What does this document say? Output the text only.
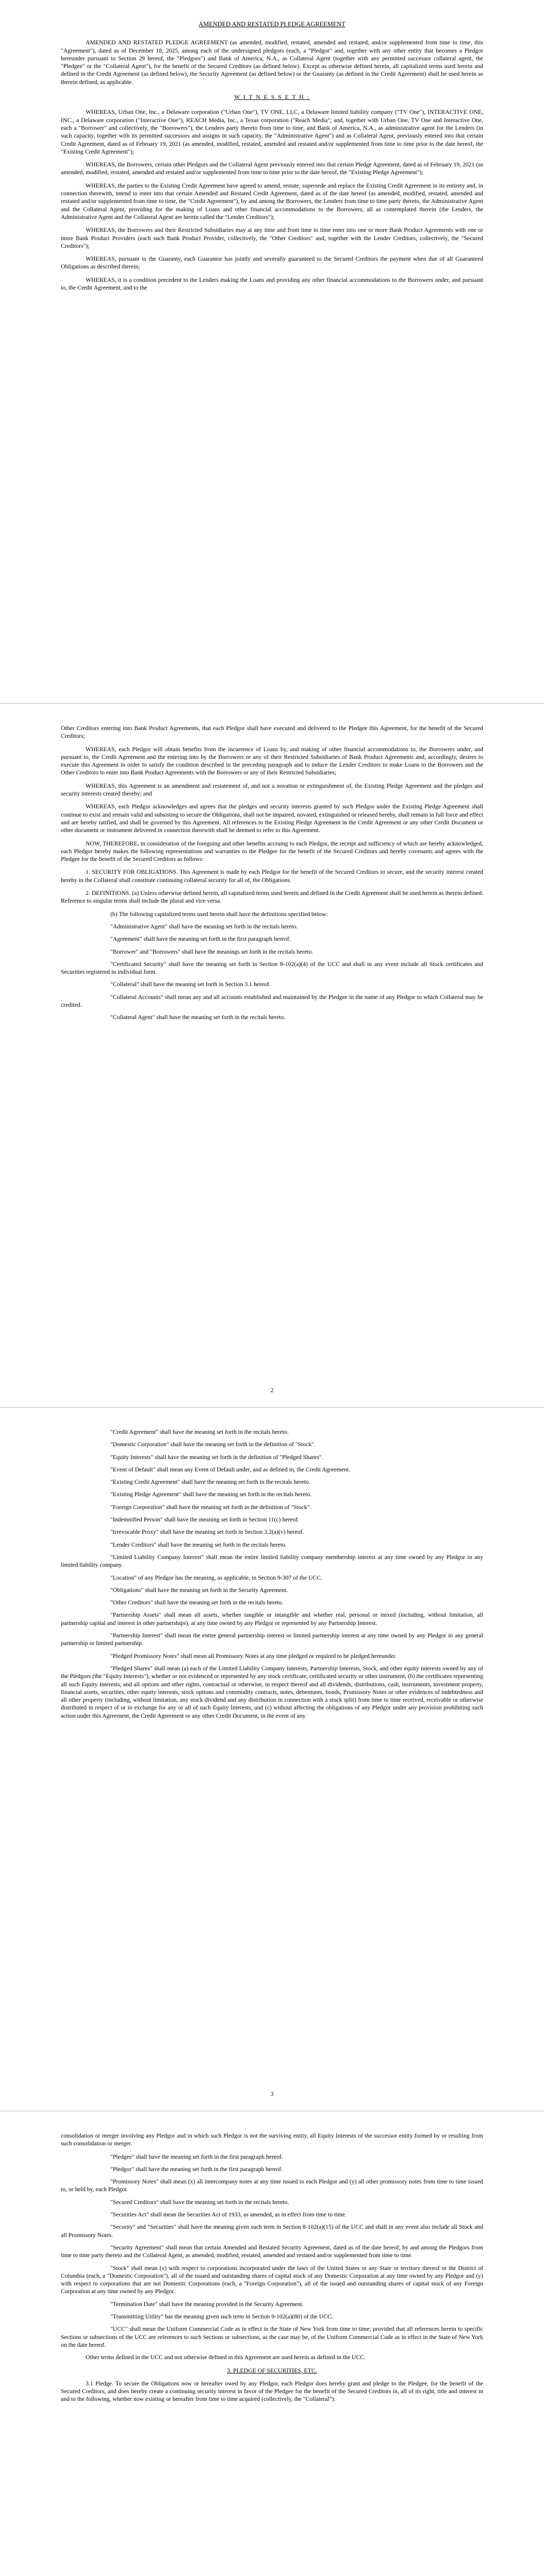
AMENDED AND RESTATED PLEDGE AGREEMENT

AMENDED AND RESTATED PLEDGE AGREEMENT (as amended, modified, restated, amended and restated, and/or supplemented from time to time, this "Agreement"), dated as of December 18, 2025, among each of the undersigned pledgors (each, a "Pledgor" and, together with any other entity that becomes a Pledgor hereunder pursuant to Section 29 hereof, the "Pledgors") and Bank of America, N.A., as Collateral Agent (together with any permitted successor collateral agent, the "Pledgee" or the "Collateral Agent"), for the benefit of the Secured Creditors (as defined below). Except as otherwise defined herein, all capitalized terms used herein and defined in the Credit Agreement (as defined below), the Security Agreement (as defined below) or the Guaranty (as defined in the Credit Agreement) shall be used herein as therein defined, as applicable.

W I T N E S S E T H :

WHEREAS, Urban One, Inc., a Delaware corporation ("Urban One"), TV ONE, LLC, a Delaware limited liability company ("TV One"), INTERACTIVE ONE, INC., a Delaware corporation ("Interactive One"), REACH Media, Inc., a Texas corporation ("Reach Media"; and, together with Urban One, TV One and Interactive One, each a "Borrower" and collectively, the "Borrowers"), the Lenders party thereto from time to time, and Bank of America, N.A., as administrative agent for the Lenders (in such capacity, together with its permitted successors and assigns in such capacity, the "Administrative Agent") and as Collateral Agent, previously entered into that certain Credit Agreement, dated as of February 19, 2021 (as amended, modified, restated, amended and restated and/or supplemented from time to time prior to the date hereof, the "Existing Credit Agreement");

WHEREAS, the Borrowers, certain other Pledgors and the Collateral Agent previously entered into that certain Pledge Agreement, dated as of February 19, 2021 (as amended, modified, restated, amended and restated and/or supplemented from time to time prior to the date hereof, the "Existing Pledge Agreement");

WHEREAS, the parties to the Existing Credit Agreement have agreed to amend, restate, supersede and replace the Existing Credit Agreement in its entirety and, in connection therewith, intend to enter into that certain Amended and Restated Credit Agreement, dated as of the date hereof (as amended, modified, restated, amended and restated and/or supplemented from time to time, the "Credit Agreement"), by and among the Borrowers, the Lenders from time to time party thereto, the Administrative Agent and the Collateral Agent, providing for the making of Loans and other financial accommodations to the Borrowers, all as contemplated therein (the Lenders, the Administrative Agent and the Collateral Agent are herein called the "Lender Creditors");

WHEREAS, the Borrowers and their Restricted Subsidiaries may at any time and from time to time enter into one or more Bank Product Agreements with one or more Bank Product Providers (each such Bank Product Provider, collectively, the "Other Creditors" and, together with the Lender Creditors, collectively, the "Secured Creditors");

WHEREAS, pursuant to the Guaranty, each Guarantor has jointly and severally guaranteed to the Secured Creditors the payment when due of all Guaranteed Obligations as described therein;

WHEREAS, it is a condition precedent to the Lenders making the Loans and providing any other financial accommodations to the Borrowers under, and pursuant to, the Credit Agreement, and to the

Other Creditors entering into Bank Product Agreements, that each Pledgor shall have executed and delivered to the Pledgee this Agreement, for the benefit of the Secured Creditors;

WHEREAS, each Pledgor will obtain benefits from the incurrence of Loans by, and making of other financial accommodations to, the Borrowers under, and pursuant to, the Credit Agreement and the entering into by the Borrowers or any of their Restricted Subsidiaries of Bank Product Agreements and, accordingly, desires to execute this Agreement in order to satisfy the condition described in the preceding paragraph and to induce the Lender Creditors to make Loans to the Borrowers and the Other Creditors to enter into Bank Product Agreements with the Borrowers or any of their Restricted Subsidiaries;

WHEREAS, this Agreement is an amendment and restatement of, and not a novation or extinguishment of, the Existing Pledge Agreement and the pledges and security interests created thereby; and

WHEREAS, each Pledgor acknowledges and agrees that the pledges and security interests granted by such Pledgor under the Existing Pledge Agreement shall continue to exist and remain valid and subsisting to secure the Obligations, shall not be impaired, novated, extinguished or released hereby, shall remain in full force and effect and are hereby ratified, and shall be governed by this Agreement. All references to the Existing Pledge Agreement in the Credit Agreement or any other Credit Document or other document or instrument delivered in connection therewith shall be deemed to refer to this Agreement.

NOW, THEREFORE, in consideration of the foregoing and other benefits accruing to each Pledgor, the receipt and sufficiency of which are hereby acknowledged, each Pledgor hereby makes the following representations and warranties to the Pledgee for the benefit of the Secured Creditors and hereby covenants and agrees with the Pledgee for the benefit of the Secured Creditors as follows:

1. SECURITY FOR OBLIGATIONS. This Agreement is made by each Pledgor for the benefit of the Secured Creditors to secure, and the security interest created hereby in the Collateral shall constitute continuing collateral security for all of, the Obligations.

2. DEFINITIONS. (a) Unless otherwise defined herein, all capitalized terms used herein and defined in the Credit Agreement shall be used herein as therein defined. Reference to singular terms shall include the plural and vice versa.

(b) The following capitalized terms used herein shall have the definitions specified below:

"Administrative Agent" shall have the meaning set forth in the recitals hereto.

"Agreement" shall have the meaning set forth in the first paragraph hereof.

"Borrower" and "Borrowers" shall have the meanings set forth in the recitals hereto.

"Certificated Security" shall have the meaning set forth in Section 8-102(a)(4) of the UCC and shall in any event include all Stock certificates and Securities registered in individual form.

"Collateral" shall have the meaning set forth in Section 3.1 hereof.

"Collateral Accounts" shall mean any and all accounts established and maintained by the Pledgee in the name of any Pledgor to which Collateral may be credited.

"Collateral Agent" shall have the meaning set forth in the recitals hereto.

2

"Credit Agreement" shall have the meaning set forth in the recitals hereto.

"Domestic Corporation" shall have the meaning set forth in the definition of "Stock".

"Equity Interests" shall have the meaning set forth in the definition of "Pledged Shares".

"Event of Default" shall mean any Event of Default under, and as defined in, the Credit Agreement.

"Existing Credit Agreement" shall have the meaning set forth in the recitals hereto.

"Existing Pledge Agreement" shall have the meaning set forth in the recitals hereto.

"Foreign Corporation" shall have the meaning set forth in the definition of "Stock".

"Indemnified Person" shall have the meaning set forth in Section 11(c) hereof.

"Irrevocable Proxy" shall have the meaning set forth in Section 3.2(a)(v) hereof.

"Lender Creditors" shall have the meaning set forth in the recitals hereto.

"Limited Liability Company Interest" shall mean the entire limited liability company membership interest at any time owned by any Pledgor in any limited liability company.

"Location" of any Pledgor has the meaning, as applicable, in Section 9-307 of the UCC.

"Obligations" shall have the meaning set forth in the Security Agreement.

"Other Creditors" shall have the meaning set forth in the recitals hereto.

"Partnership Assets" shall mean all assets, whether tangible or intangible and whether real, personal or mixed (including, without limitation, all partnership capital and interest in other partnerships), at any time owned by any Pledgor or represented by any Partnership Interest.

"Partnership Interest" shall mean the entire general partnership interest or limited partnership interest at any time owned by any Pledgor in any general partnership or limited partnership.

"Pledged Promissory Notes" shall mean all Promissory Notes at any time pledged or required to be pledged hereunder.

"Pledged Shares" shall mean (a) each of the Limited Liability Company Interests, Partnership Interests, Stock, and other equity interests owned by any of the Pledgors (the "Equity Interests"), whether or not evidenced or represented by any stock certificate, certificated security or other instrument, (b) the certificates representing all such Equity Interests, and all options and other rights, contractual or otherwise, in respect thereof and all dividends, distributions, cash, instruments, investment property, financial assets, securities, other equity interests, stock options and commodity contracts, notes, debentures, bonds, Promissory Notes or other evidences of indebtedness and all other property (including, without limitation, any stock dividend and any distribution in connection with a stock split) from time to time received, receivable or otherwise distributed in respect of or in exchange for any or all of such Equity Interests, and (c) without affecting the obligations of any Pledgor under any provision prohibiting such action under this Agreement, the Credit Agreement or any other Credit Document, in the event of any

3

consolidation or merger involving any Pledgor and in which such Pledgor is not the surviving entity, all Equity Interests of the successor entity formed by or resulting from such consolidation or merger.

"Pledgee" shall have the meaning set forth in the first paragraph hereof.

"Pledgor" shall have the meaning set forth in the first paragraph hereof.

"Promissory Notes" shall mean (x) all intercompany notes at any time issued to each Pledgor and (y) all other promissory notes from time to time issued to, or held by, each Pledgor.

"Secured Creditors" shall have the meaning set forth in the recitals hereto.

"Securities Act" shall mean the Securities Act of 1933, as amended, as in effect from time to time.

"Security" and "Securities" shall have the meaning given such term in Section 8-102(a)(15) of the UCC and shall in any event also include all Stock and all Promissory Notes.

"Security Agreement" shall mean that certain Amended and Restated Security Agreement, dated as of the date hereof, by and among the Pledgors from time to time party thereto and the Collateral Agent, as amended, modified, restated, amended and restated and/or supplemented from time to time.

"Stock" shall mean (x) with respect to corporations incorporated under the laws of the United States or any State or territory thereof or the District of Columbia (each, a "Domestic Corporation"), all of the issued and outstanding shares of capital stock of any Domestic Corporation at any time owned by any Pledgor and (y) with respect to corporations that are not Domestic Corporations (each, a "Foreign Corporation"), all of the issued and outstanding shares of capital stock of any Foreign Corporation at any time owned by any Pledgor.

"Termination Date" shall have the meaning provided in the Security Agreement.

"Transmitting Utility" has the meaning given such term in Section 9-102(a)(80) of the UCC.

"UCC" shall mean the Uniform Commercial Code as in effect in the State of New York from time to time; provided that all references herein to specific Sections or subsections of the UCC are references to such Sections or subsections, as the case may be, of the Uniform Commercial Code as in effect in the State of New York on the date hereof.

Other terms defined in the UCC and not otherwise defined in this Agreement are used herein as defined in the UCC.

3. PLEDGE OF SECURITIES, ETC.

3.1 Pledge. To secure the Obligations now or hereafter owed by any Pledgor, each Pledgor does hereby grant and pledge to the Pledgee, for the benefit of the Secured Creditors, and does hereby create a continuing security interest in favor of the Pledgee for the benefit of the Secured Creditors in, all of its right, title and interest in and to the following, whether now existing or hereafter from time to time acquired (collectively, the "Collateral"):
